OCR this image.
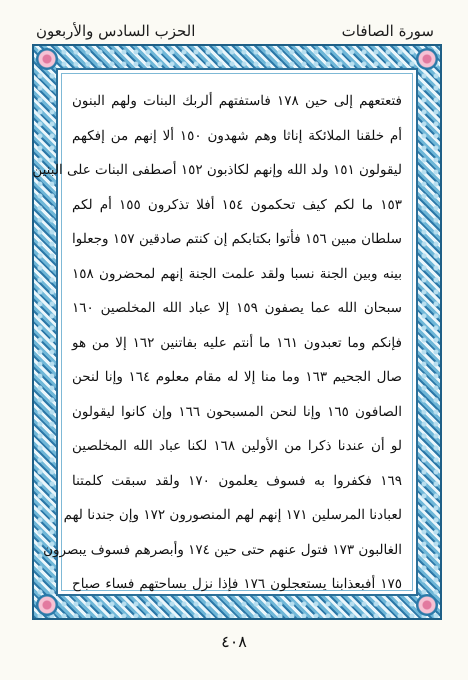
الحزب السادس والأربعون	سورة الصافات
فتعتعهم إلى حين ١٧٨ فاستفتهم ألربك البنات ولهم البنون
أم خلقنا الملائكة إناثا وهم شهدون ١٥٠ ألا إنهم من إفكهم
ليقولون ١٥١ ولد الله وإنهم لكاذبون ١٥٢ أصطفى البنات على البنين
١٥٣ ما لكم كيف تحكمون ١٥٤ أفلا تذكرون ١٥٥ أم لكم
سلطان مبين ١٥٦ فأتوا بكتابكم إن كنتم صادقين ١٥٧ وجعلوا
بينه وبين الجنة نسبا ولقد علمت الجنة إنهم لمحضرون ١٥٨
سبحان الله عما يصفون ١٥٩ إلا عباد الله المخلصين ١٦٠
فإنكم وما تعبدون ١٦١ ما أنتم عليه بفاتنين ١٦٢ إلا من هو
صال الجحيم ١٦٣ وما منا إلا له مقام معلوم ١٦٤ وإنا لنحن
الصافون ١٦٥ وإنا لنحن المسبحون ١٦٦ وإن كانوا ليقولون
لو أن عندنا ذكرا من الأولين ١٦٨ لكنا عباد الله المخلصين
١٦٩ فكفروا به فسوف يعلمون ١٧٠ ولقد سبقت كلمتنا
لعبادنا المرسلين ١٧١ إنهم لهم المنصورون ١٧٢ وإن جندنا لهم
الغالبون ١٧٣ فتول عنهم حتى حين ١٧٤ وأبصرهم فسوف يبصرون
١٧٥ أفبعذابنا يستعجلون ١٧٦ فإذا نزل بساحتهم فساء صباح
٤٠٨
